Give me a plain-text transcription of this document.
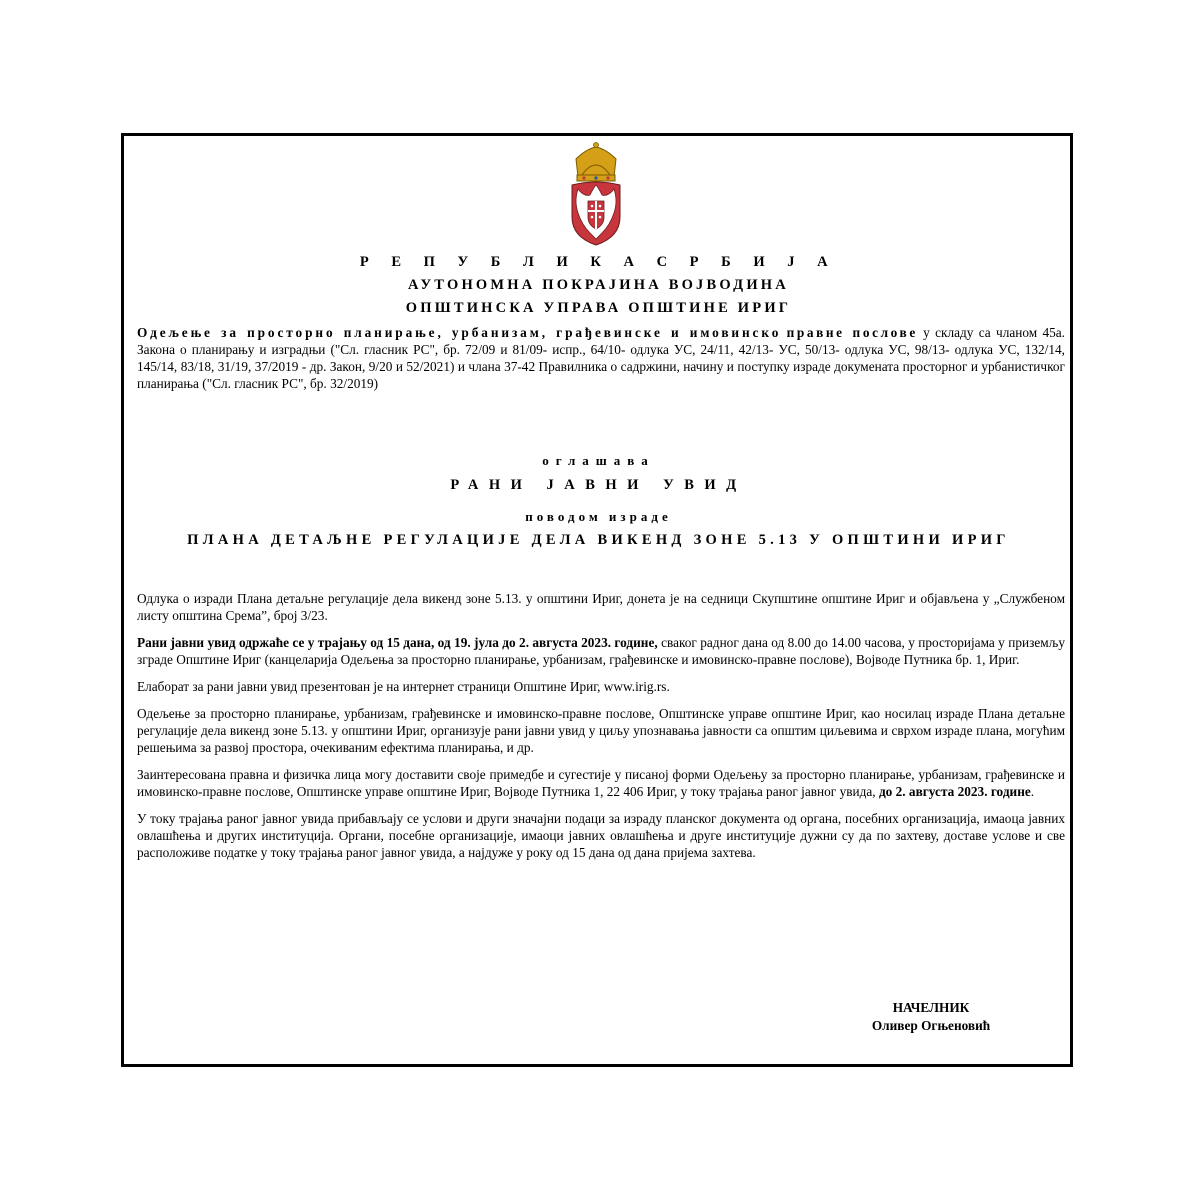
Р Е П У Б Л И К А С Р Б И Ј А
АУТОНОМНА ПОКРАЈИНА ВОЈВОДИНА
ОПШТИНСКА УПРАВА ОПШТИНЕ ИРИГ
Одељење за просторно планирање, урбанизам, грађевинске и имовинско правне послове у складу са чланом 45а. Закона о планирању и изградњи ("Сл. гласник РС", бр. 72/09 и 81/09- испр., 64/10- одлука УС, 24/11, 42/13- УС, 50/13- одлука УС, 98/13- одлука УС, 132/14, 145/14, 83/18, 31/19, 37/2019 - др. Закон, 9/20 и 52/2021) и члана 37-42 Правилника о садржини, начину и поступку израде докумената просторног и урбанистичког планирања ("Сл. гласник РС", бр. 32/2019)
оглашава
РАНИ ЈАВНИ УВИД
поводом израде
ПЛАНА ДЕТАЉНЕ РЕГУЛАЦИЈЕ ДЕЛА ВИКЕНД ЗОНЕ 5.13 У ОПШТИНИ ИРИГ

Одлука о изради Плана детаљне регулације дела викенд зоне 5.13. у општини Ириг, донета је на седници Скупштине општине Ириг и објављена у „Службеном листу општина Срема”, број 3/23.

Рани јавни увид одржаће се у трајању од 15 дана, од 19. јула до 2. августа 2023. године, сваког радног дана од 8.00 до 14.00 часова, у просторијама у приземљу зграде Општине Ириг (канцеларија Одељења за просторно планирање, урбанизам, грађевинске и имовинско-правне послове), Војводе Путника бр. 1, Ириг.

Елаборат за рани јавни увид презентован је на интернет страници Општине Ириг, www.irig.rs.

Одељење за просторно планирање, урбанизам, грађевинске и имовинско-правне послове, Општинске управе општине Ириг, као носилац израде Плана детаљне регулације дела викенд зоне 5.13. у општини Ириг, организује рани јавни увид у циљу упознавања јавности са општим циљевима и сврхом израде плана, могућим решењима за развој простора, очекиваним ефектима планирања, и др.

Заинтересована правна и физичка лица могу доставити своје примедбе и сугестије у писаној форми Одељењу за просторно планирање, урбанизам, грађевинске и имовинско-правне послове, Општинске управе општине Ириг, Војводе Путника 1, 22 406 Ириг, у току трајања раног јавног увида, до 2. августа 2023. године.

У току трајања раног јавног увида прибављају се услови и други значајни подаци за израду планског документа од органа, посебних организација, имаоца јавних овлашћења и других институција. Органи, посебне организације, имаоци јавних овлашћења и друге институције дужни су да по захтеву, доставе услове и све расположиве податке у току трајања раног јавног увида, а најдуже у року од 15 дана од дана пријема захтева.

НАЧЕЛНИК
Оливер Огњеновић
